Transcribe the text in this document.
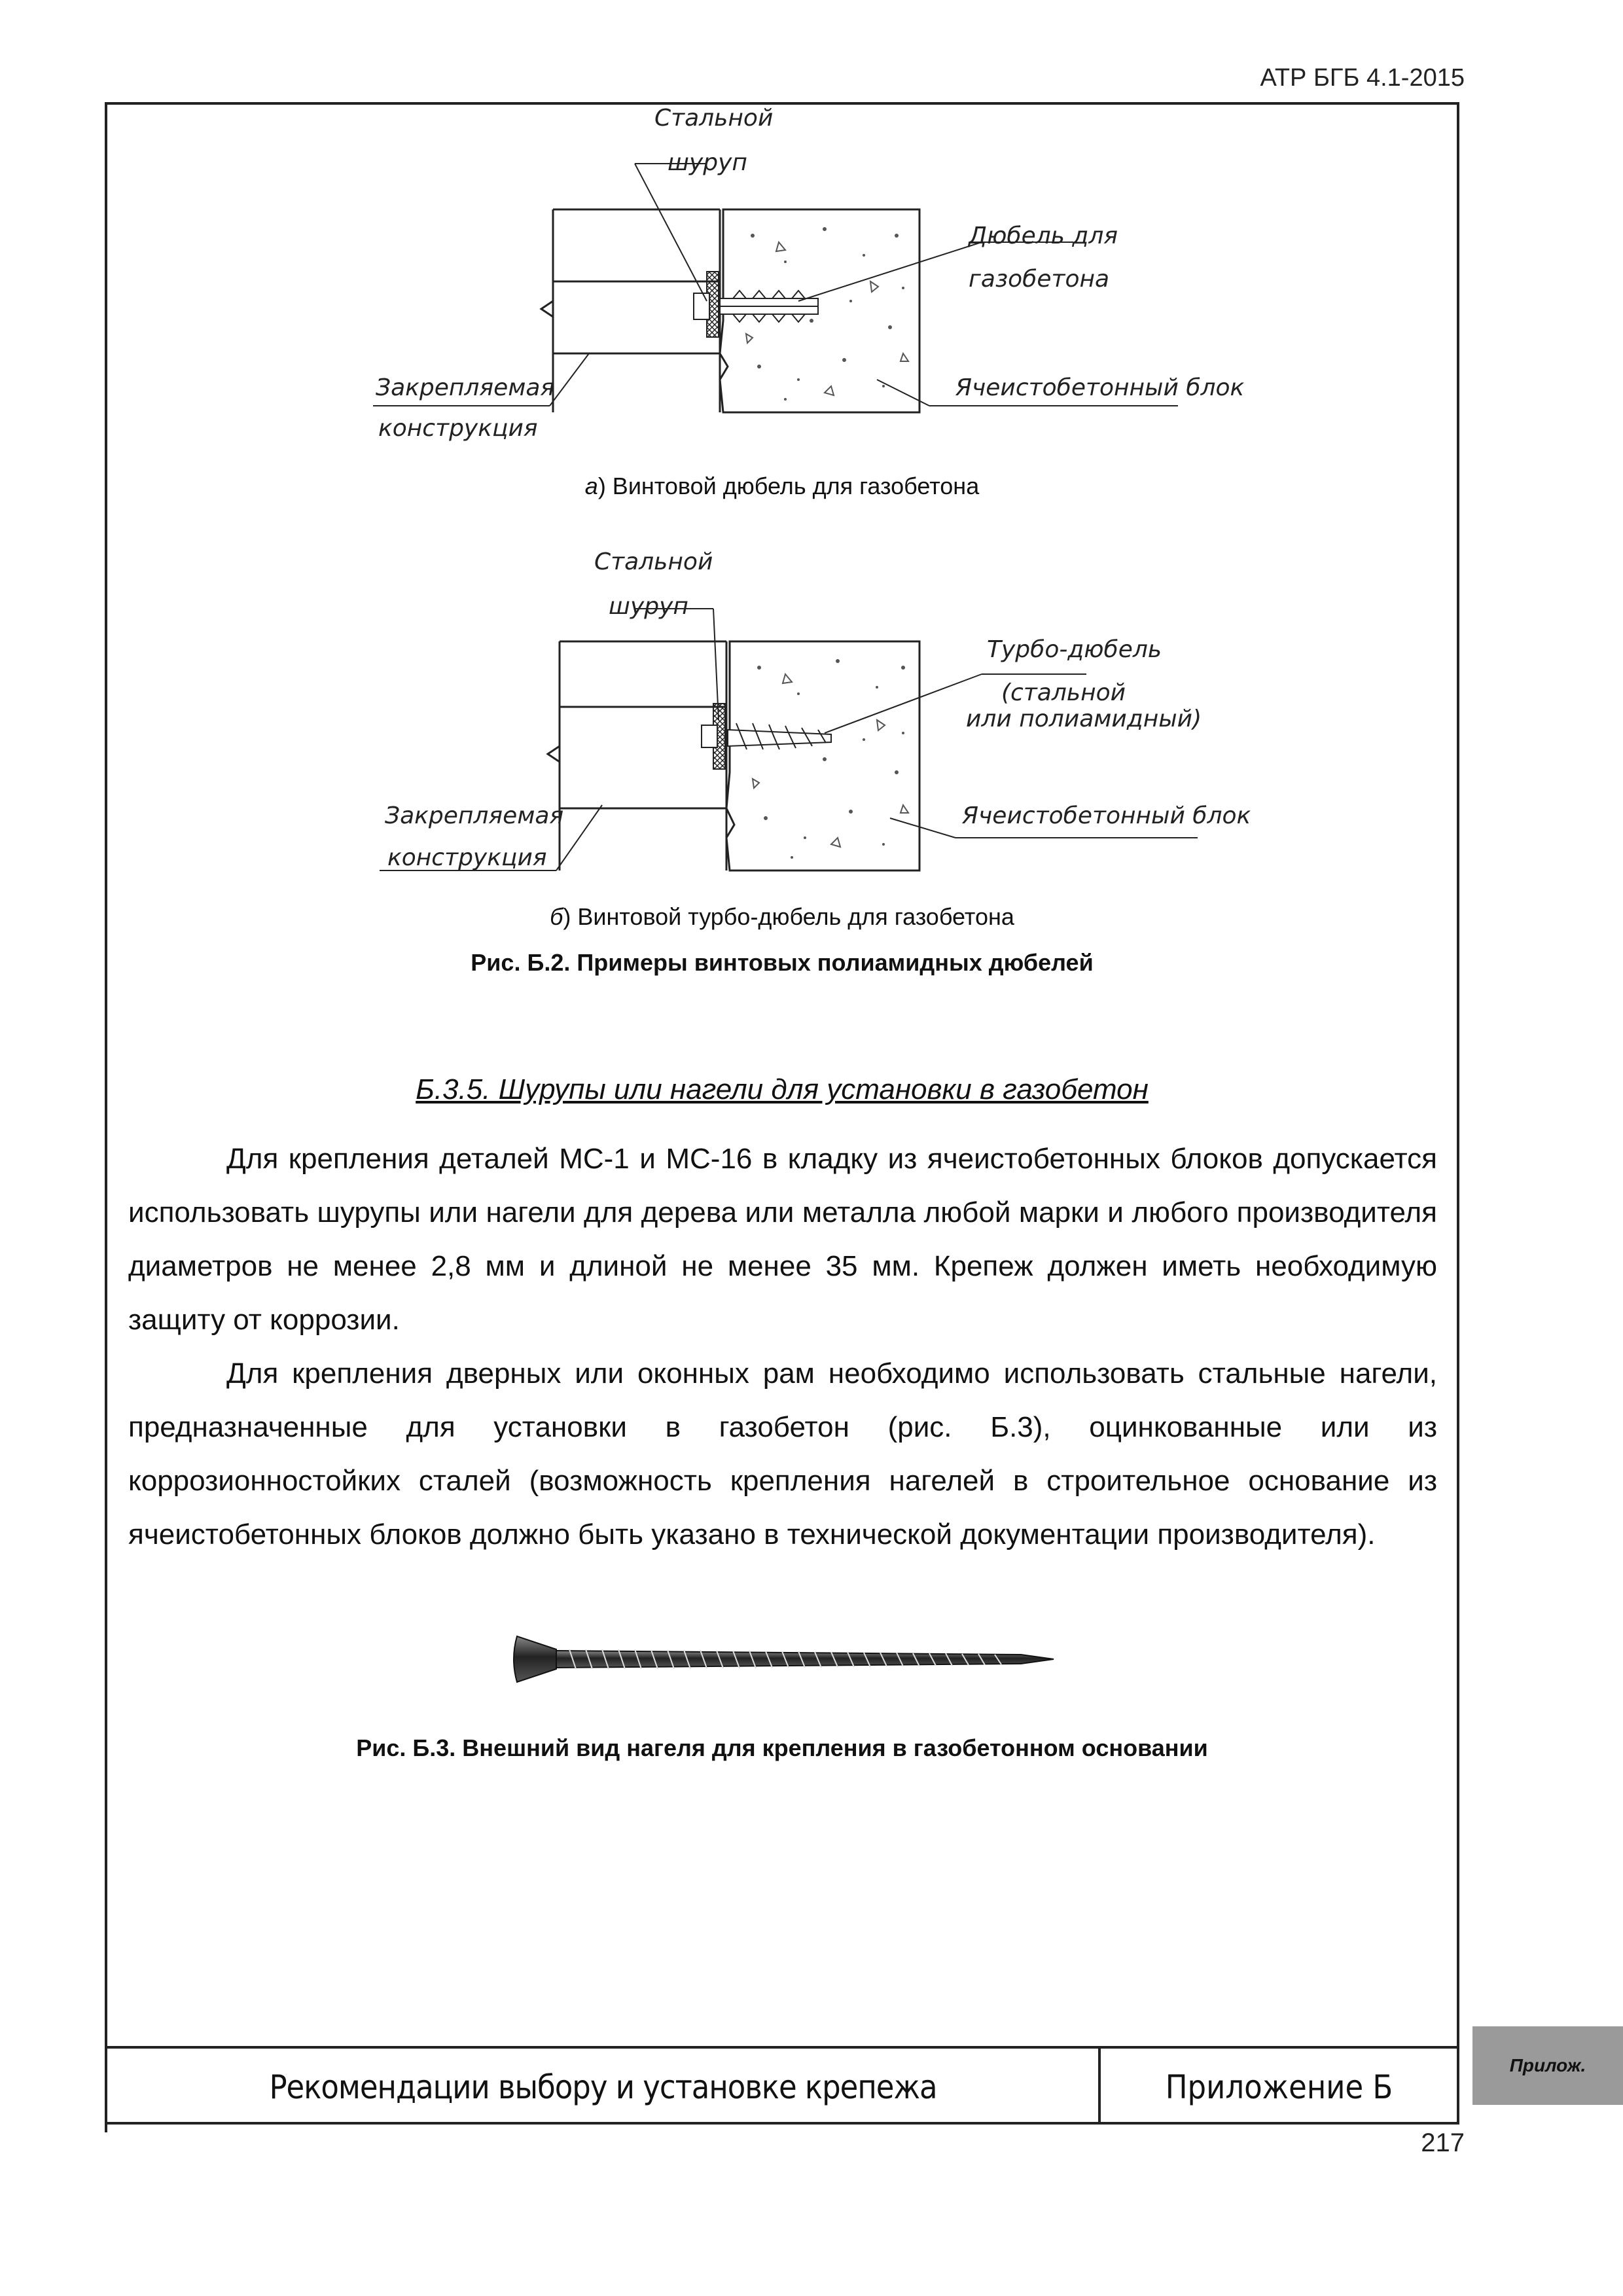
АТР БГБ 4.1-2015
Стальной
шуруп
Дюбель для
газобетона
Закрепляемая
конструкция
Ячеистобетонный блок
а) Винтовой дюбель для газобетона
Стальной
шуруп
Турбо-дюбель
(стальной
или полиамидный)
Закрепляемая
конструкция
Ячеистобетонный блок
б) Винтовой турбо-дюбель для газобетона
Рис. Б.2. Примеры винтовых полиамидных дюбелей
Б.3.5. Шурупы или нагели для установки в газобетон

Для крепления деталей МС-1 и МС-16 в кладку из ячеистобетонных блоков допускается использовать шурупы или нагели для дерева или металла любой марки и любого производителя диаметров не менее 2,8 мм и длиной не менее 35 мм. Крепеж должен иметь необходимую защиту от коррозии.

Для крепления дверных или оконных рам необходимо использовать стальные нагели, предназначенные для установки в газобетон (рис. Б.3), оцинкованные или из коррозионностойких сталей (возможность крепления нагелей в строительное основание из ячеистобетонных блоков должно быть указано в технической документации производителя).

Рис. Б.3. Внешний вид нагеля для крепления в газобетонном основании
Рекомендации выбору и установке крепежа	Приложение Б
217
Прилож.
